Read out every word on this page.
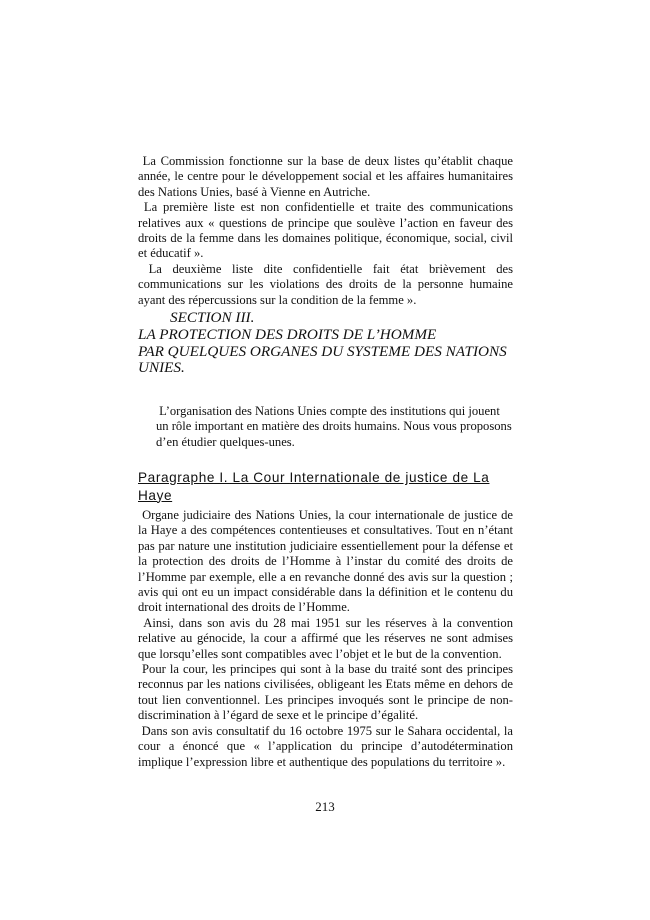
La Commission fonctionne sur la base de deux listes qu’établit chaque année, le centre pour le développement social et les affaires humanitaires des Nations Unies, basé à Vienne en Autriche.

La première liste est non confidentielle et traite des communications relatives aux « questions de principe que soulève l’action en faveur des droits de la femme dans les domaines politique, économique, social, civil et éducatif ».

La deuxième liste dite confidentielle fait état brièvement des communications sur les violations des droits de la personne humaine ayant des répercussions sur la condition de la femme ».

SECTION III.
LA PROTECTION DES DROITS DE L’HOMME
PAR QUELQUES ORGANES DU SYSTEME DES NATIONS UNIES.

L’organisation des Nations Unies compte des institutions qui jouent un rôle important en matière des droits humains. Nous vous proposons d’en étudier quelques-unes.

Paragraphe I. La Cour Internationale de justice de La Haye

Organe judiciaire des Nations Unies, la cour internationale de justice de la Haye a des compétences contentieuses et consultatives. Tout en n’étant pas par nature une institution judiciaire essentiellement pour la défense et la protection des droits de l’Homme à l’instar du comité des droits de l’Homme par exemple, elle a en revanche donné des avis sur la question ; avis qui ont eu un impact considérable dans la définition et le contenu du droit international des droits de l’Homme.

Ainsi, dans son avis du 28 mai 1951 sur les réserves à la convention relative au génocide, la cour a affirmé que les réserves ne sont admises que lorsqu’elles sont compatibles avec l’objet et le but de la convention.

Pour la cour, les principes qui sont à la base du traité sont des principes reconnus par les nations civilisées, obligeant les Etats même en dehors de tout lien conventionnel. Les principes invoqués sont le principe de non-discrimination à l’égard de sexe et le principe d’égalité.

Dans son avis consultatif du 16 octobre 1975 sur le Sahara occidental, la cour a énoncé que « l’application du principe d’autodétermination implique l’expression libre et authentique des populations du territoire ».

213
